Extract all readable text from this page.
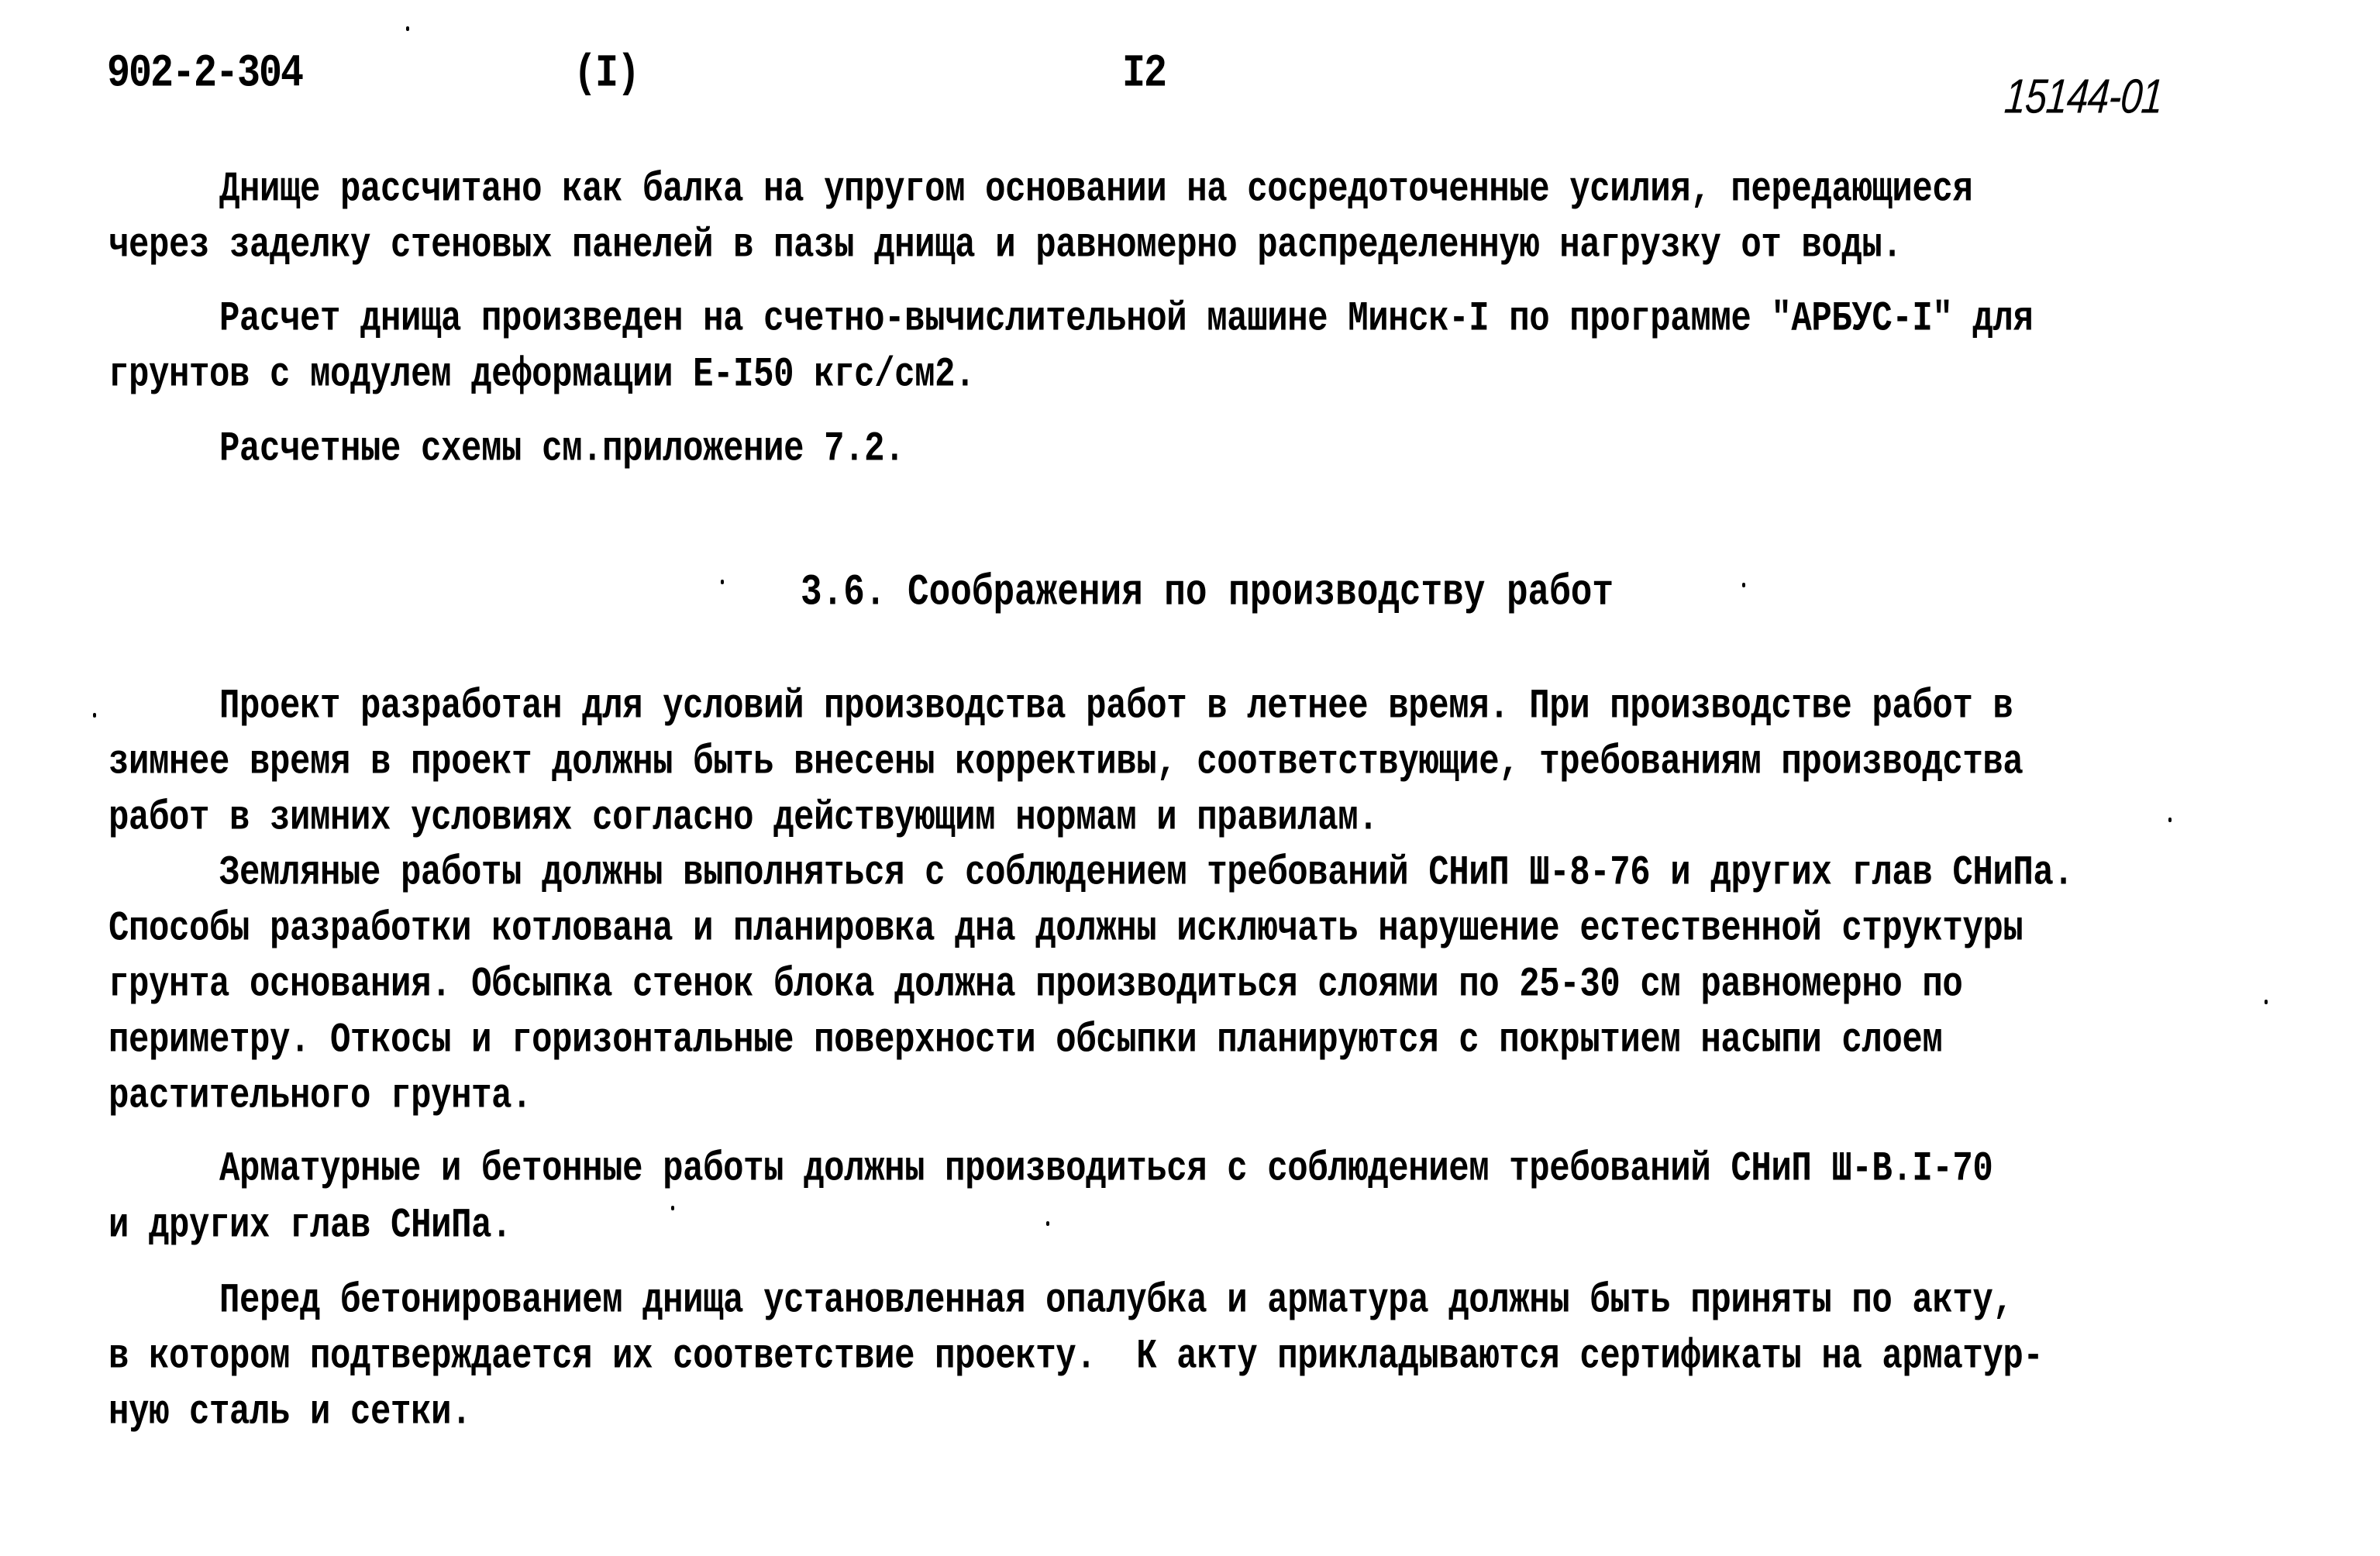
902-2-304	(I)	I2	15144-01
Днище рассчитано как балка на упругом основании на сосредоточенные усилия, передающиеся
через заделку стеновых панелей в пазы днища и равномерно распределенную нагрузку от воды.
Расчет днища произведен на счетно-вычислительной машине Минск-I по программе "АРБУС-I" для
грунтов с модулем деформации Е-I50 кгс/см2.
Расчетные схемы см.приложение 7.2.
3.6. Соображения по производству работ
Проект разработан для условий производства работ в летнее время. При производстве работ в
зимнее время в проект должны быть внесены коррективы, соответствующие, требованиям производства
работ в зимних условиях согласно действующим нормам и правилам.
Земляные работы должны выполняться с соблюдением требований СНиП Ш-8-76 и других глав СНиПа.
Способы разработки котлована и планировка дна должны исключать нарушение естественной структуры
грунта основания. Обсыпка стенок блока должна производиться слоями по 25-30 см равномерно по
периметру. Откосы и горизонтальные поверхности обсыпки планируются с покрытием насыпи слоем
растительного грунта.
Арматурные и бетонные работы должны производиться с соблюдением требований СНиП Ш-В.I-70
и других глав СНиПа.
Перед бетонированием днища установленная опалубка и арматура должны быть приняты по акту,
в котором подтверждается их соответствие проекту.  К акту прикладываются сертификаты на арматур-
ную сталь и сетки.
